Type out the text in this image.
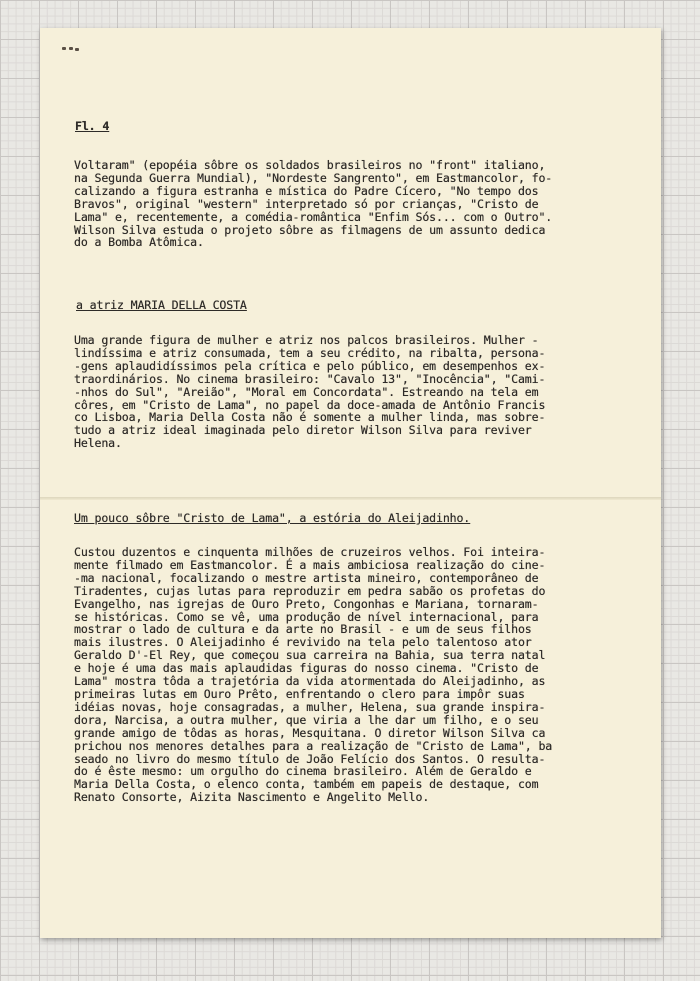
Fl. 4
Voltaram" (epopéia sôbre os soldados brasileiros no "front" italiano,
na Segunda Guerra Mundial), "Nordeste Sangrento", em Eastmancolor, fo-
calizando a figura estranha e mística do Padre Cícero, "No tempo dos
Bravos", original "western" interpretado só por crianças, "Cristo de
Lama" e, recentemente, a comédia-romântica "Enfim Sós... com o Outro".
Wilson Silva estuda o projeto sôbre as filmagens de um assunto dedica
do a Bomba Atômica.
a atriz MARIA DELLA COSTA
Uma grande figura de mulher e atriz nos palcos brasileiros. Mulher -
lindíssima e atriz consumada, tem a seu crédito, na ribalta, persona-
-gens aplaudidíssimos pela crítica e pelo público, em desempenhos ex-
traordinários. No cinema brasileiro: "Cavalo 13", "Inocência", "Cami-
-nhos do Sul", "Areião", "Moral em Concordata". Estreando na tela em
côres, em "Cristo de Lama", no papel da doce-amada de Antônio Francis
co Lisboa, Maria Della Costa não é somente a mulher linda, mas sobre-
tudo a atriz ideal imaginada pelo diretor Wilson Silva para reviver
Helena.
Um pouco sôbre "Cristo de Lama", a estória do Aleijadinho.
Custou duzentos e cinquenta milhões de cruzeiros velhos. Foi inteira-
mente filmado em Eastmancolor. É a mais ambiciosa realização do cine-
-ma nacional, focalizando o mestre artista mineiro, contemporâneo de
Tiradentes, cujas lutas para reproduzir em pedra sabão os profetas do
Evangelho, nas igrejas de Ouro Preto, Congonhas e Mariana, tornaram-
se históricas. Como se vê, uma produção de nível internacional, para
mostrar o lado de cultura e da arte no Brasil - e um de seus filhos
mais ilustres. O Aleijadinho é revivido na tela pelo talentoso ator
Geraldo D'-El Rey, que começou sua carreira na Bahia, sua terra natal
e hoje é uma das mais aplaudidas figuras do nosso cinema. "Cristo de
Lama" mostra tôda a trajetória da vida atormentada do Aleijadinho, as
primeiras lutas em Ouro Prêto, enfrentando o clero para impôr suas
idéias novas, hoje consagradas, a mulher, Helena, sua grande inspira-
dora, Narcisa, a outra mulher, que viria a lhe dar um filho, e o seu
grande amigo de tôdas as horas, Mesquitana. O diretor Wilson Silva ca
prichou nos menores detalhes para a realização de "Cristo de Lama", ba
seado no livro do mesmo título de João Felício dos Santos. O resulta-
do é êste mesmo: um orgulho do cinema brasileiro. Além de Geraldo e
Maria Della Costa, o elenco conta, também em papeis de destaque, com
Renato Consorte, Aizita Nascimento e Angelito Mello.
